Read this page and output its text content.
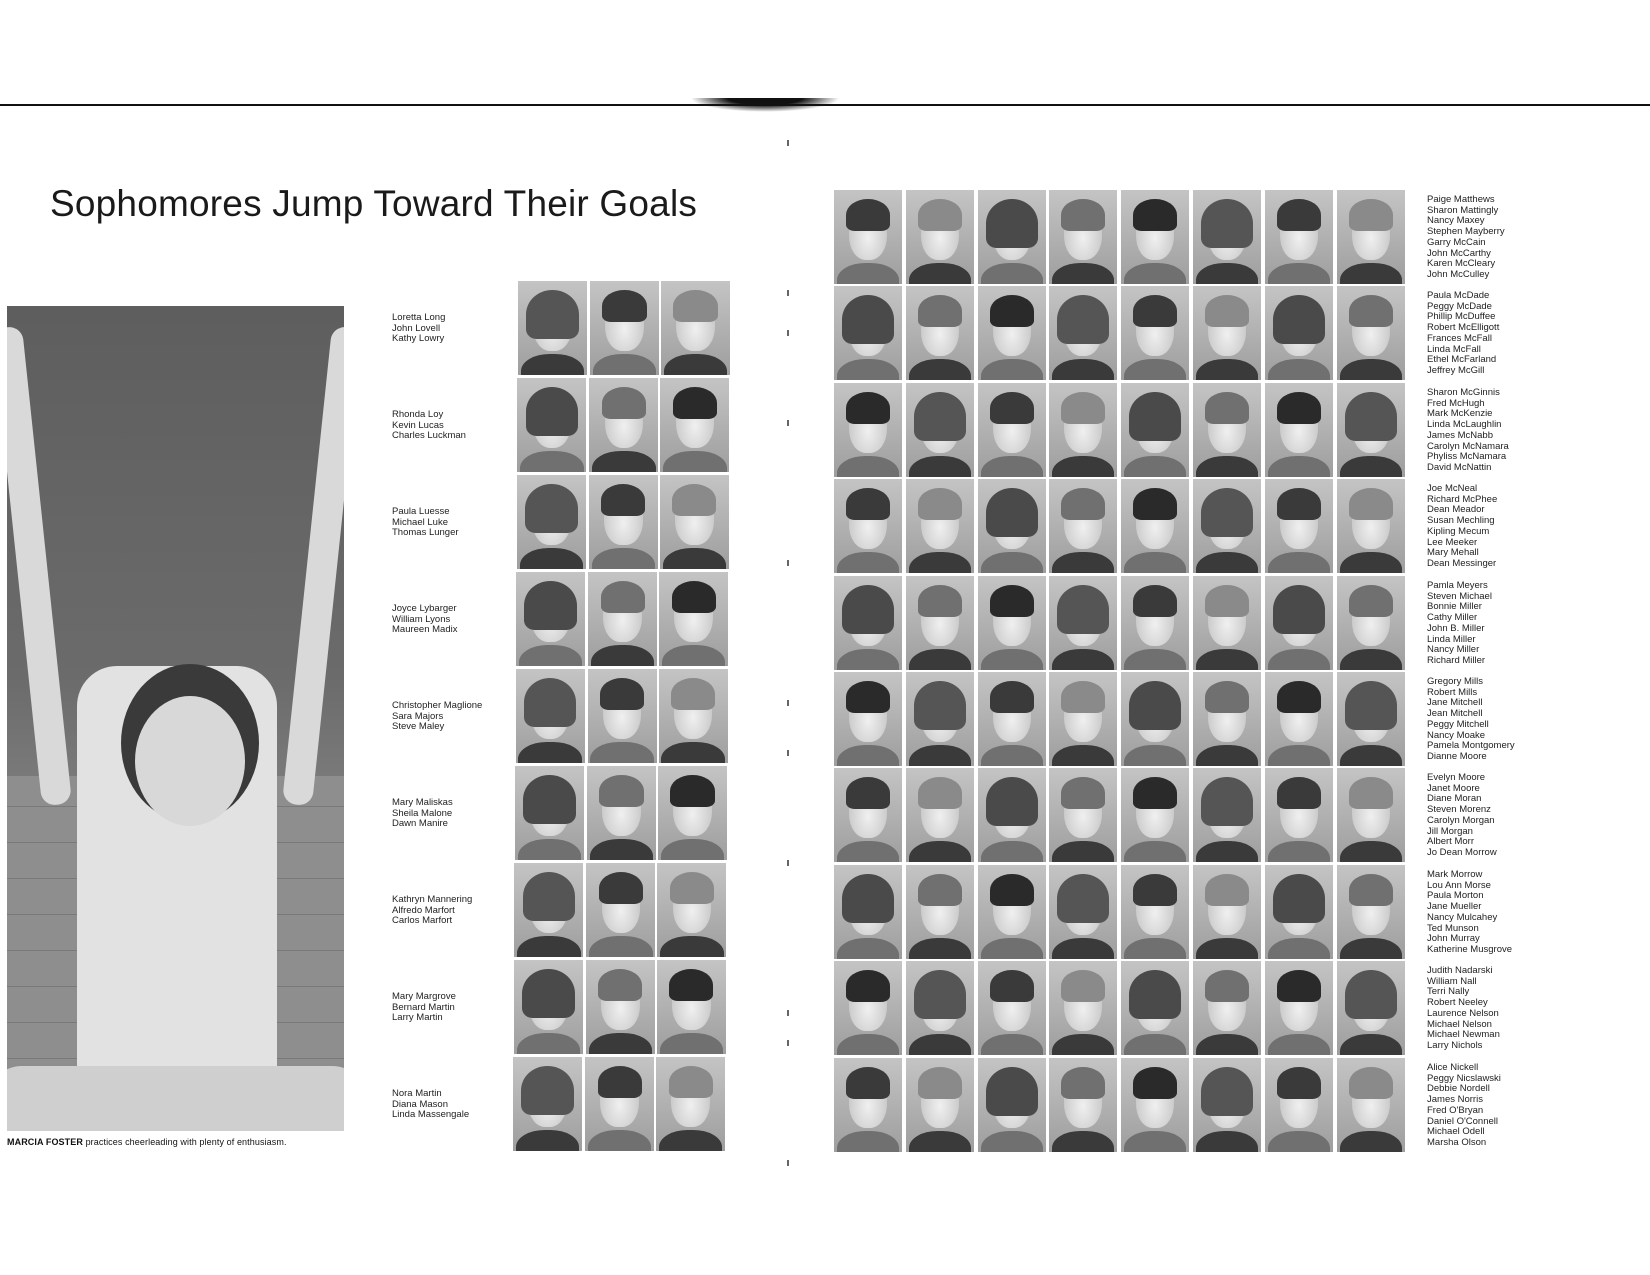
Sophomores Jump Toward Their Goals
MARCIA FOSTER practices cheerleading with plenty of enthusiasm.
Loretta Long
John Lovell
Kathy Lowry
Rhonda Loy
Kevin Lucas
Charles Luckman
Paula Luesse
Michael Luke
Thomas Lunger
Joyce Lybarger
William Lyons
Maureen Madix
Christopher Maglione
Sara Majors
Steve Maley
Mary Maliskas
Sheila Malone
Dawn Manire
Kathryn Mannering
Alfredo Marfort
Carlos Marfort
Mary Margrove
Bernard Martin
Larry Martin
Nora Martin
Diana Mason
Linda Massengale
Paige Matthews
Sharon Mattingly
Nancy Maxey
Stephen Mayberry
Garry McCain
John McCarthy
Karen McCleary
John McCulley
Paula McDade
Peggy McDade
Phillip McDuffee
Robert McElligott
Frances McFall
Linda McFall
Ethel McFarland
Jeffrey McGill
Sharon McGinnis
Fred McHugh
Mark McKenzie
Linda McLaughlin
James McNabb
Carolyn McNamara
Phyliss McNamara
David McNattin
Joe McNeal
Richard McPhee
Dean Meador
Susan Mechling
Kipling Mecum
Lee Meeker
Mary Mehall
Dean Messinger
Pamla Meyers
Steven Michael
Bonnie Miller
Cathy Miller
John B. Miller
Linda Miller
Nancy Miller
Richard Miller
Gregory Mills
Robert Mills
Jane Mitchell
Jean Mitchell
Peggy Mitchell
Nancy Moake
Pamela Montgomery
Dianne Moore
Evelyn Moore
Janet Moore
Diane Moran
Steven Morenz
Carolyn Morgan
Jill Morgan
Albert Morr
Jo Dean Morrow
Mark Morrow
Lou Ann Morse
Paula Morton
Jane Mueller
Nancy Mulcahey
Ted Munson
John Murray
Katherine Musgrove
Judith Nadarski
William Nall
Terri Nally
Robert Neeley
Laurence Nelson
Michael Nelson
Michael Newman
Larry Nichols
Alice Nickell
Peggy Nicslawski
Debbie Nordell
James Norris
Fred O'Bryan
Daniel O'Connell
Michael Odell
Marsha Olson
